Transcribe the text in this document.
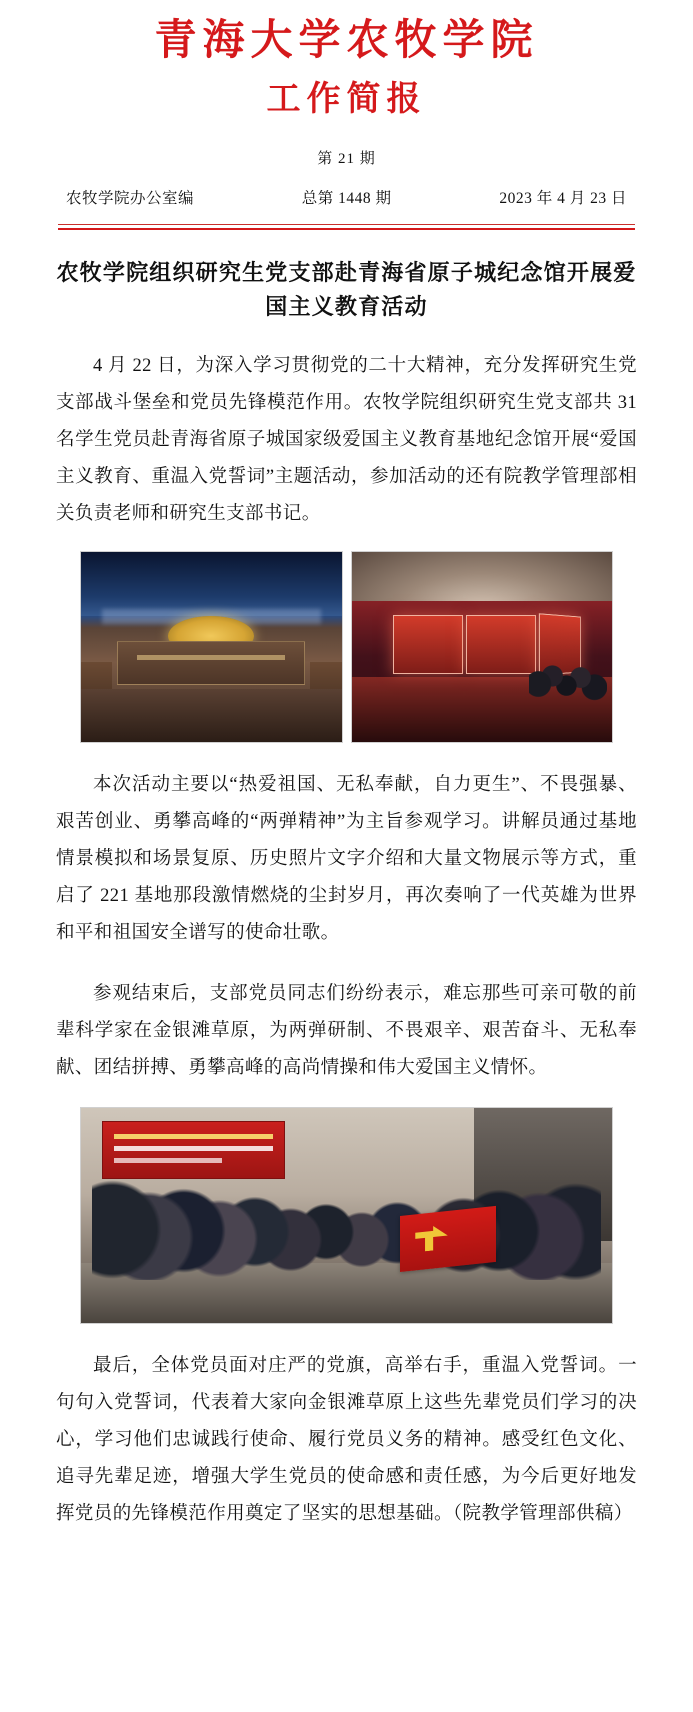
青海大学农牧学院
工作简报
第 21 期
农牧学院办公室编	总第 1448 期	2023 年 4 月 23 日
农牧学院组织研究生党支部赴青海省原子城纪念馆开展爱国主义教育活动

4 月 22 日，为深入学习贯彻党的二十大精神，充分发挥研究生党支部战斗堡垒和党员先锋模范作用。农牧学院组织研究生党支部共 31 名学生党员赴青海省原子城国家级爱国主义教育基地纪念馆开展“爱国主义教育、重温入党誓词”主题活动，参加活动的还有院教学管理部相关负责老师和研究生支部书记。

本次活动主要以“热爱祖国、无私奉献，自力更生”、不畏强暴、艰苦创业、勇攀高峰的“两弹精神”为主旨参观学习。讲解员通过基地情景模拟和场景复原、历史照片文字介绍和大量文物展示等方式，重启了 221 基地那段激情燃烧的尘封岁月，再次奏响了一代英雄为世界和平和祖国安全谱写的使命壮歌。

参观结束后，支部党员同志们纷纷表示，难忘那些可亲可敬的前辈科学家在金银滩草原，为两弹研制、不畏艰辛、艰苦奋斗、无私奉献、团结拼搏、勇攀高峰的高尚情操和伟大爱国主义情怀。

最后，全体党员面对庄严的党旗，高举右手，重温入党誓词。一句句入党誓词，代表着大家向金银滩草原上这些先辈党员们学习的决心，学习他们忠诚践行使命、履行党员义务的精神。感受红色文化、追寻先辈足迹，增强大学生党员的使命感和责任感，为今后更好地发挥党员的先锋模范作用奠定了坚实的思想基础。（院教学管理部供稿）
